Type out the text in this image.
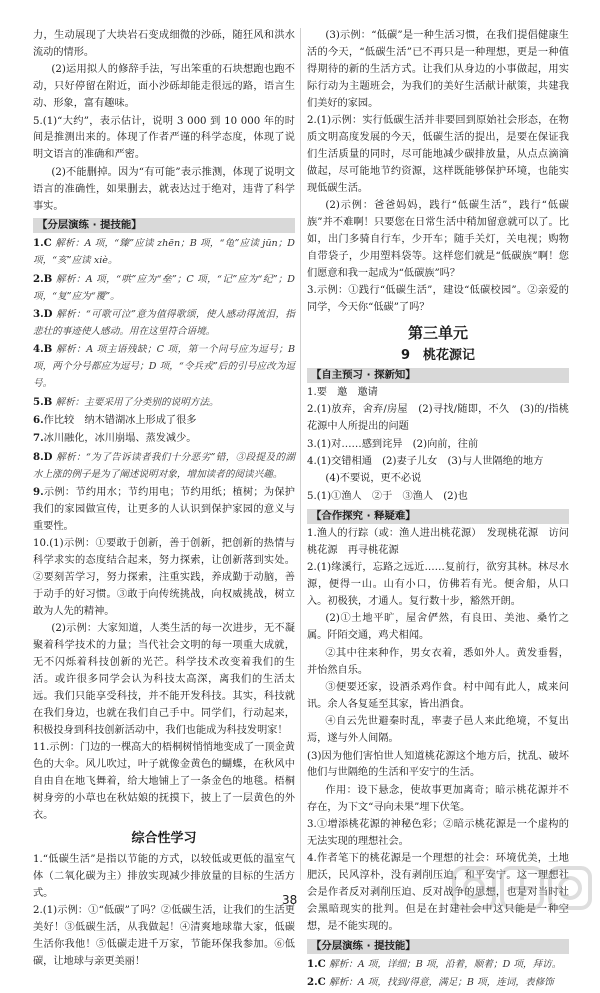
力，生动展现了大块岩石变成细微的沙砾，随狂风和洪水流动的情形。

(2)运用拟人的修辞手法，写出笨重的石块想跑也跑不动，只好停留在附近，面小沙砾却能走很远的路，语言生动、形象，富有趣味。

5.(1)“大约”，表示估计，说明 3 000 到 10 000 年的时间是推测出来的。体现了作者严谨的科学态度，体现了说明文语言的准确和严密。

(2)不能删掉。因为“有可能”表示推测，体现了说明文语言的准确性，如果删去，就表达过于绝对，违背了科学事实。

【分层演练 · 提技能】

1.C 解析：A 项，“臻”应读 zhēn；B 项，“龟”应读 jūn；D 项，“亥”应读 xiè。

2.B 解析：A 项，“哄”应为“垒”；C 项，“记”应为“纪”；D 项，“复”应为“覆”。

3.D 解析：“可歌可泣”意为值得歌颂，使人感动得流泪，指悲壮的事迹使人感动。用在这里符合语境。

4.B 解析：A 项主语残缺；C 项，第一个问号应为逗号；B 项，两个分号都应为逗号；D 项，“令兵戎”后的引号应改为逗号。

5.B 解析：主要采用了分类别的说明方法。

6.作比较　纳木错湖冰上形成了很多

7.冰川融化，冰川崩塌、蒸发减少。

8.D 解析：“为了告诉读者我们十分恶劣”错，③段提及的湖水上涨的例子是为了阐述说明对象，增加读者的阅读兴趣。

9.示例：节约用水；节约用电；节约用纸；植树；为保护我们的家园做宣传，让更多的人认识到保护家园的意义与重要性。

10.(1)示例：①要敢于创新，善于创新，把创新的热情与科学求实的态度结合起来，努力探索，让创新落到实处。②要刻苦学习，努力探索，注重实践，养成勤于动脑，善于动手的好习惯。③敢于向传统挑战，向权威挑战，树立敢为人先的精神。

(2)示例：大家知道，人类生活的每一次进步，无不凝聚着科学技术的力量；当代社会文明的每一项重大成就，无不闪烁着科技创新的光芒。科学技术改变着我们的生活。或许很多同学会认为科技太高深，离我们的生活太远。我们只能享受科技，并不能开发科技。其实，科技就在我们身边，也就在我们自己手中。同学们，行动起来，积极投身到科技创新活动中，我们也能成为科技发明家！

11.示例：门边的一棵高大的梧桐树悄悄地变成了一顶金黄色的大伞。风儿吹过，叶子就像金黄色的蝴蝶，在秋风中自由自在地飞舞着，给大地铺上了一条金色的地毯。梧桐树身旁的小草也在秋姑娘的抚摸下，披上了一层黄色的外衣。

综合性学习

1.“低碳生活”是指以节能的方式，以较低或更低的温室气体（二氧化碳为主）排放实现减少排放量的目标的生活方式。

2.(1)示例：①“低碳”了吗？②低碳生活，让我们的生活更美好！③低碳生活，从我做起！④清爽地球靠大家，低碳生活你我他！⑤低碳走进千万家，节能环保我参加。⑥低碳，让地球与亲更美丽！

(3)示例：“低碳”是一种生活习惯，在我们提倡健康生活的今天，“低碳生活”已不再只是一种理想，更是一种值得期待的新的生活方式。让我们从身边的小事做起，用实际行动为主题班会，为我们的美好生活献计献策，共建我们美好的家园。

2.(1)示例：实行低碳生活并非要回到原始社会形态，在物质文明高度发展的今天，低碳生活的提出，是要在保证我们生活质量的同时，尽可能地减少碳排放量，从点点滴滴做起，尽可能地节约资源，这样既能够保护环境，也能实现低碳生活。

(2)示例：爸爸妈妈，践行“低碳生活”，践行“低碳族”并不难啊！只要您在日常生活中稍加留意就可以了。比如，出门多骑自行车，少开车；随手关灯，关电视；购物自带袋子，少用塑料袋等。这样您们就是“低碳族”啊！您们愿意和我一起成为“低碳族”吗？

3.示例：①践行“低碳生活”，建设“低碳校园”。②亲爱的同学，今天你“低碳”了吗？

第三单元
9　桃花源记
【自主预习 · 探新知】

1.要　邀　邀请

2.(1)放弃，舍弃/房屋　(2)寻找/随即，不久　(3)的/指桃花源中人所提出的问题

3.(1)对……感到诧异　(2)向前，往前

4.(1)交错相通　(2)妻子儿女　(3)与人世隔绝的地方

(4)不要说，更不必说

5.(1)①渔人　②于　③渔人　(2)也

【合作探究 · 释疑难】

1.渔人的行踪（或：渔人进出桃花源）　发现桃花源　访问桃花源　再寻桃花源

2.(1)缘溪行，忘路之远近……复前行，欲穷其林。林尽水源，便得一山。山有小口，仿佛若有光。便舍船，从口入。初极狭，才通人。复行数十步，豁然开朗。

(2)①土地平旷，屋舍俨然，有良田、美池、桑竹之属。阡陌交通，鸡犬相闻。

②其中往来种作，男女衣着，悉如外人。黄发垂髫，并怡然自乐。

③便要还家，设酒杀鸡作食。村中闻有此人，咸来问讯。余人各复延至其家，皆出酒食。

④自云先世避秦时乱，率妻子邑人来此绝境，不复出焉，遂与外人间隔。

(3)因为他们害怕世人知道桃花源这个地方后，扰乱、破坏他们与世隔绝的生活和平安宁的生活。

作用：设下悬念，使故事更加离奇；暗示桃花源并不存在，为下文“寻向未果”埋下伏笔。

3.①增添桃花源的神秘色彩；②暗示桃花源是一个虚构的无法实现的理想社会。

4.作者笔下的桃花源是一个理想的社会：环境优美，土地肥沃，民风淳朴，没有剥削压迫，和平安宁。这一理想社会是作者反对剥削压迫、反对战争的思想，也是对当时社会黑暗现实的批判。但是在封建社会中这只能是一种空想，是不能实现的。

【分层演练 · 提技能】

1.C 解析：A 项，详细；B 项，沿着，顺着；D 项，拜访。

2.C 解析：A 项，找到/得意，满足；B 项，连词，表修饰

38
